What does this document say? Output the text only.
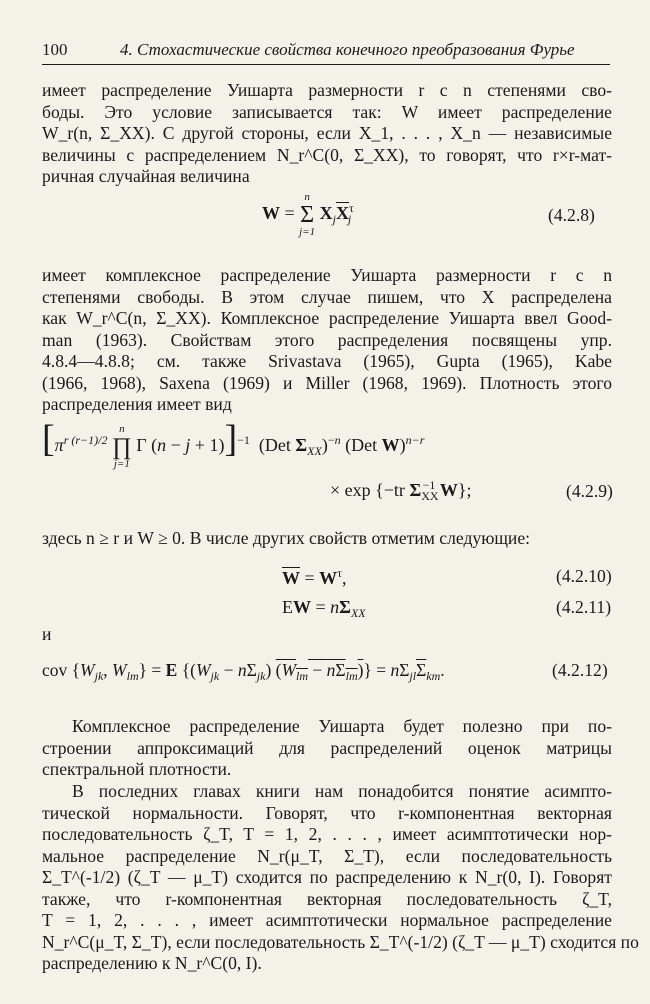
100	4. Стохастические свойства конечного преобразования Фурье
имеет распределение Уишарта размерности r с n степенями сво-
боды. Это условие записывается так: W имеет распределение
W_r(n, Σ_XX). С другой стороны, если X_1, . . . , X_n — независимые
величины с распределением N_r^C(0, Σ_XX), то говорят, что r×r-мат-
ричная случайная величина
W =
n
Σ
j=1
$X_j\overline{X}^\tau_j$	(4.2.8)
имеет комплексное распределение Уишарта размерности r с n
степенями свободы. В этом случае пишем, что X распределена
как W_r^C(n, Σ_XX). Комплексное распределение Уишарта ввел Good-
man (1963). Свойствам этого распределения посвящены упр.
4.8.4—4.8.8; см. также Srivastava (1965), Gupta (1965), Kabe
(1966, 1968), Saxena (1969) и Miller (1968, 1969). Плотность этого
распределения имеет вид
[$\pi^{r (r-1)/2}$
n
∏
j=1
Γ (n − j + 1)]$^{-1}$  (Det $\Sigma_{XX})^{-n}$ (Det W)$^{n-r}$
× exp {−tr $\Sigma_{XX}^{-1}$ W};	(4.2.9)
здесь n ≥ r и W ≥ 0. В числе других свойств отметим следующие:
$\overline{W} = W^\tau$,	(4.2.10)
EW = $n\Sigma_{XX}$	(4.2.11)
и
cov {$W_{jk}$, $W_{lm}\} = E$ $\{(W_{jk} - n\Sigma_{jk}) (W_{lm} - n\Sigma_{lm})\} = n\Sigma_{jl}\overline{\Sigma}_{km}$.	(4.2.12)
Комплексное распределение Уишарта будет полезно при по-
строении аппроксимаций для распределений оценок матрицы
спектральной плотности.
В последних главах книги нам понадобится понятие асимпто-
тической нормальности. Говорят, что r-компонентная векторная
последовательность ζ_T, T = 1, 2, . . . , имеет асимптотически нор-
мальное распределение N_r(μ_T, Σ_T), если последовательность
Σ_T^(-1/2) (ζ_T — μ_T) сходится по распределению к N_r(0, I). Говорят
также, что r-компонентная векторная последовательность ζ_T,
T = 1, 2, . . . , имеет асимптотически нормальное распределение
N_r^C(μ_T, Σ_T), если последовательность Σ_T^(-1/2) (ζ_T — μ_T) сходится по
распределению к N_r^C(0, I).
